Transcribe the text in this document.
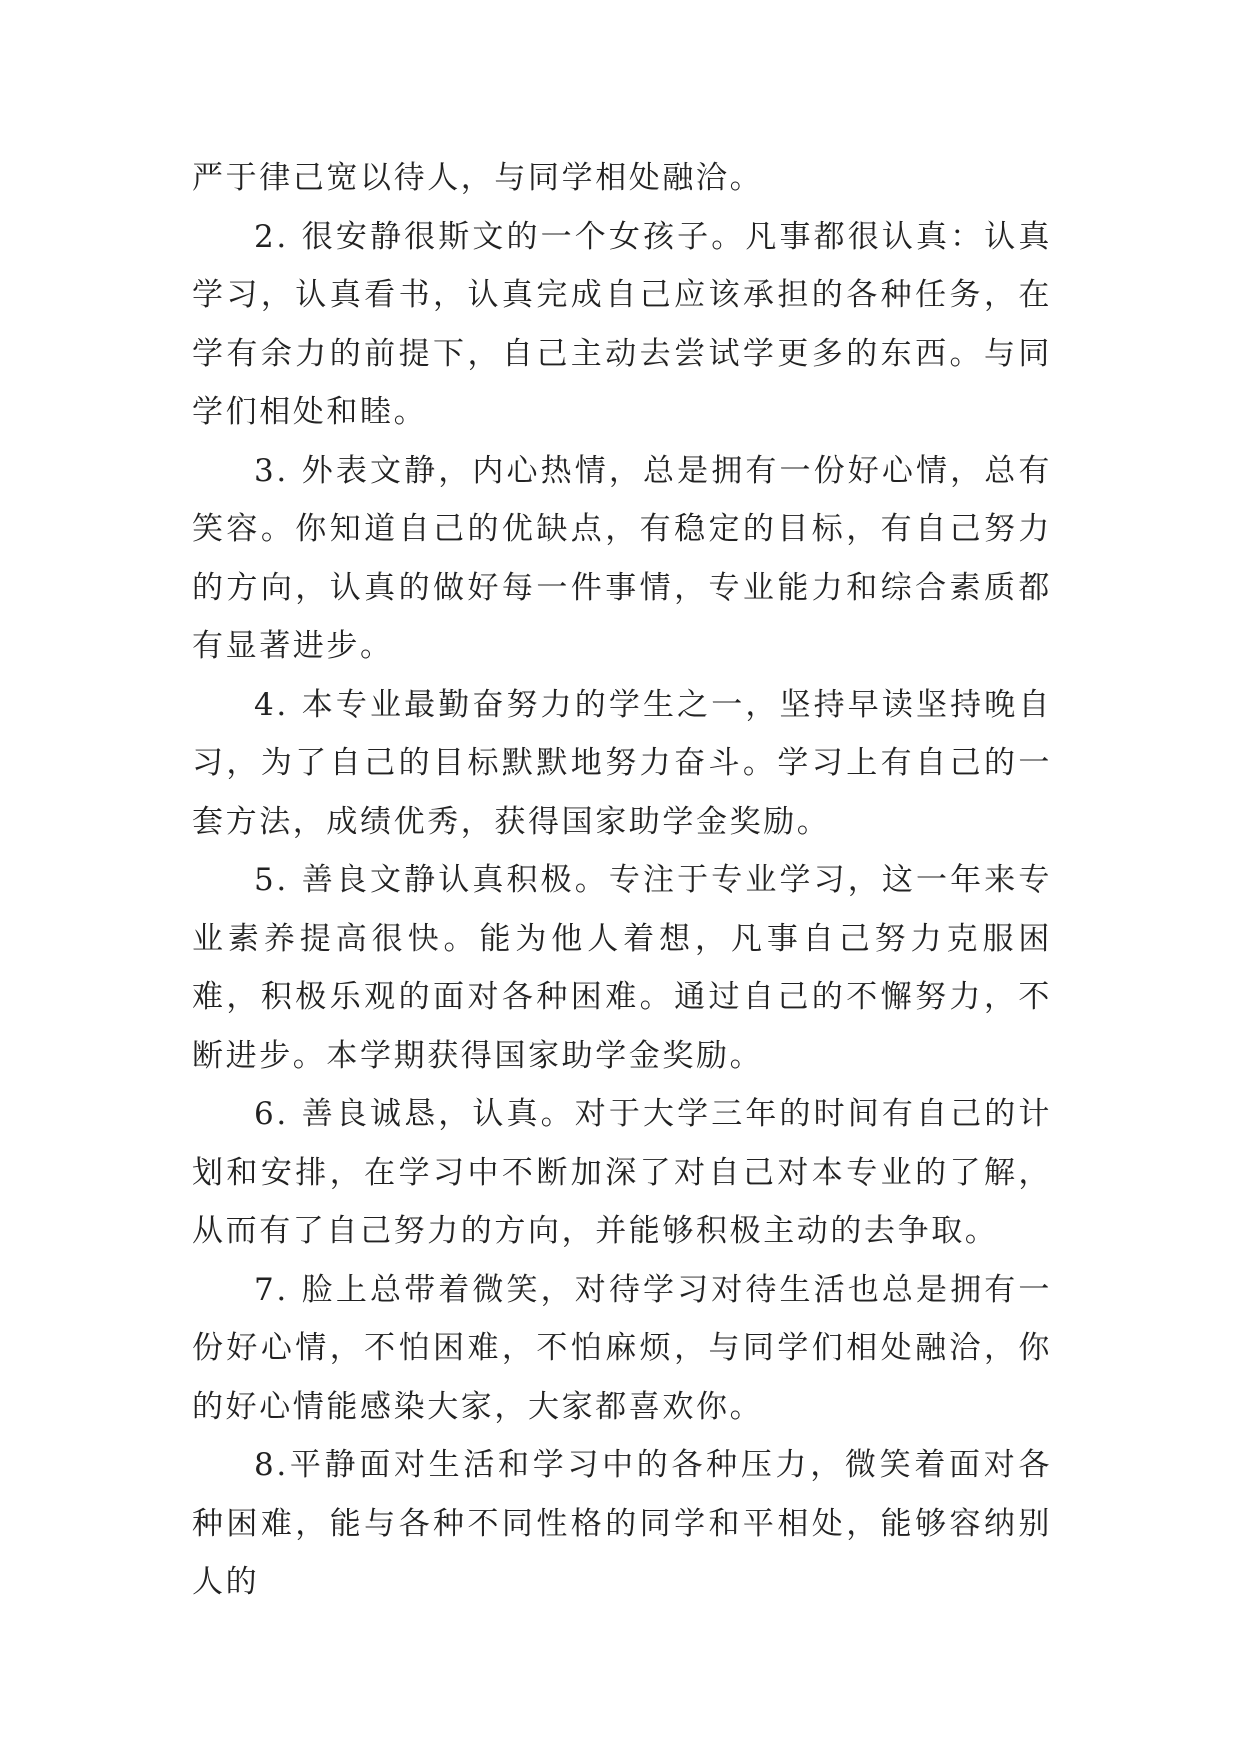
严于律己宽以待人，与同学相处融洽。

2. 很安静很斯文的一个女孩子。凡事都很认真：认真学习，认真看书，认真完成自己应该承担的各种任务，在学有余力的前提下，自己主动去尝试学更多的东西。与同学们相处和睦。

3. 外表文静，内心热情，总是拥有一份好心情，总有笑容。你知道自己的优缺点，有稳定的目标，有自己努力的方向，认真的做好每一件事情，专业能力和综合素质都有显著进步。

4. 本专业最勤奋努力的学生之一，坚持早读坚持晚自习，为了自己的目标默默地努力奋斗。学习上有自己的一套方法，成绩优秀，获得国家助学金奖励。

5. 善良文静认真积极。专注于专业学习，这一年来专业素养提高很快。能为他人着想，凡事自己努力克服困难，积极乐观的面对各种困难。通过自己的不懈努力，不断进步。本学期获得国家助学金奖励。

6. 善良诚恳，认真。对于大学三年的时间有自己的计划和安排，在学习中不断加深了对自己对本专业的了解，从而有了自己努力的方向，并能够积极主动的去争取。

7. 脸上总带着微笑，对待学习对待生活也总是拥有一份好心情，不怕困难，不怕麻烦，与同学们相处融洽，你的好心情能感染大家，大家都喜欢你。

8.平静面对生活和学习中的各种压力，微笑着面对各种困难，能与各种不同性格的同学和平相处，能够容纳别人的
